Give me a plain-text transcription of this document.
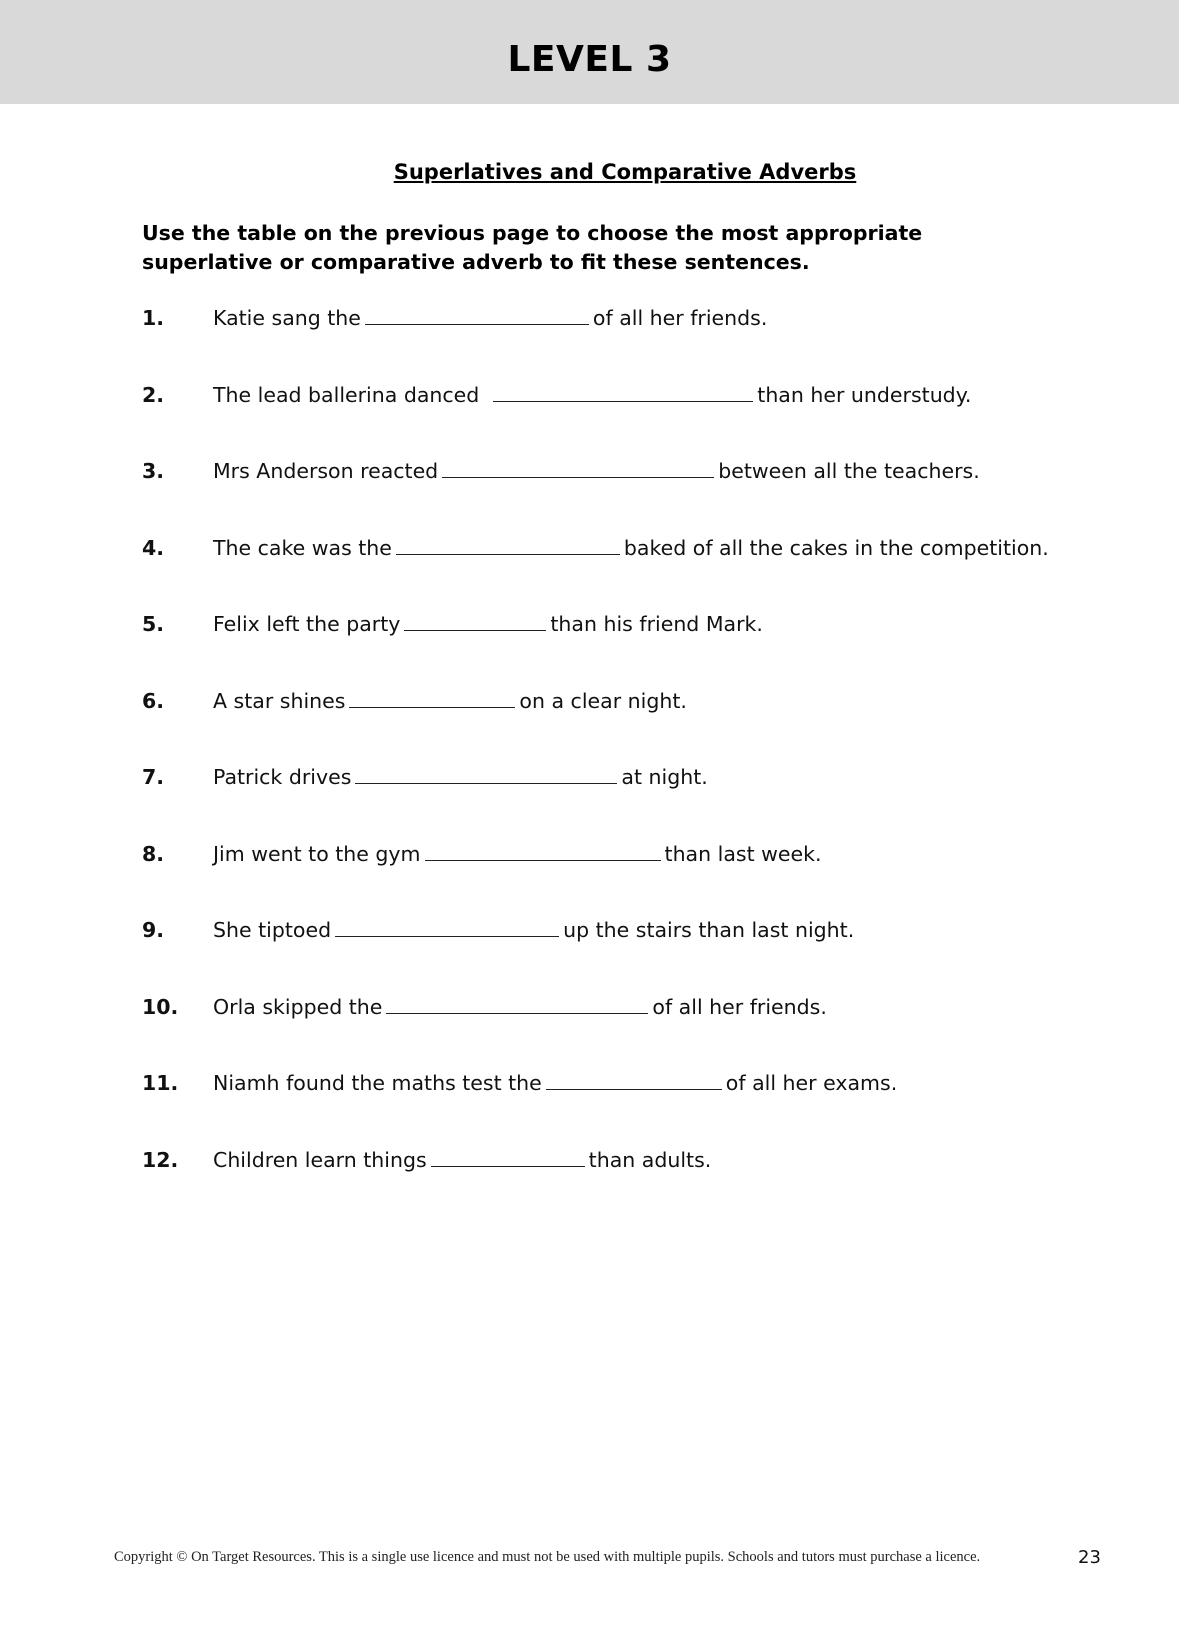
LEVEL 3
Superlatives and Comparative Adverbs
Use the table on the previous page to choose the most appropriate superlative or comparative adverb to fit these sentences.
1. Katie sang the	of all her friends.
2. The lead ballerina danced	than her understudy.
3. Mrs Anderson reacted	between all the teachers.
4. The cake was the	baked of all the cakes in the competition.
5. Felix left the party	than his friend Mark.
6. A star shines	on a clear night.
7. Patrick drives	at night.
8. Jim went to the gym	than last week.
9. She tiptoed	up the stairs than last night.
10. Orla skipped the	of all her friends.
11. Niamh found the maths test the	of all her exams.
12. Children learn things	than adults.
Copyright © On Target Resources. This is a single use licence and must not be used with multiple pupils. Schools and tutors must purchase a licence.	23
